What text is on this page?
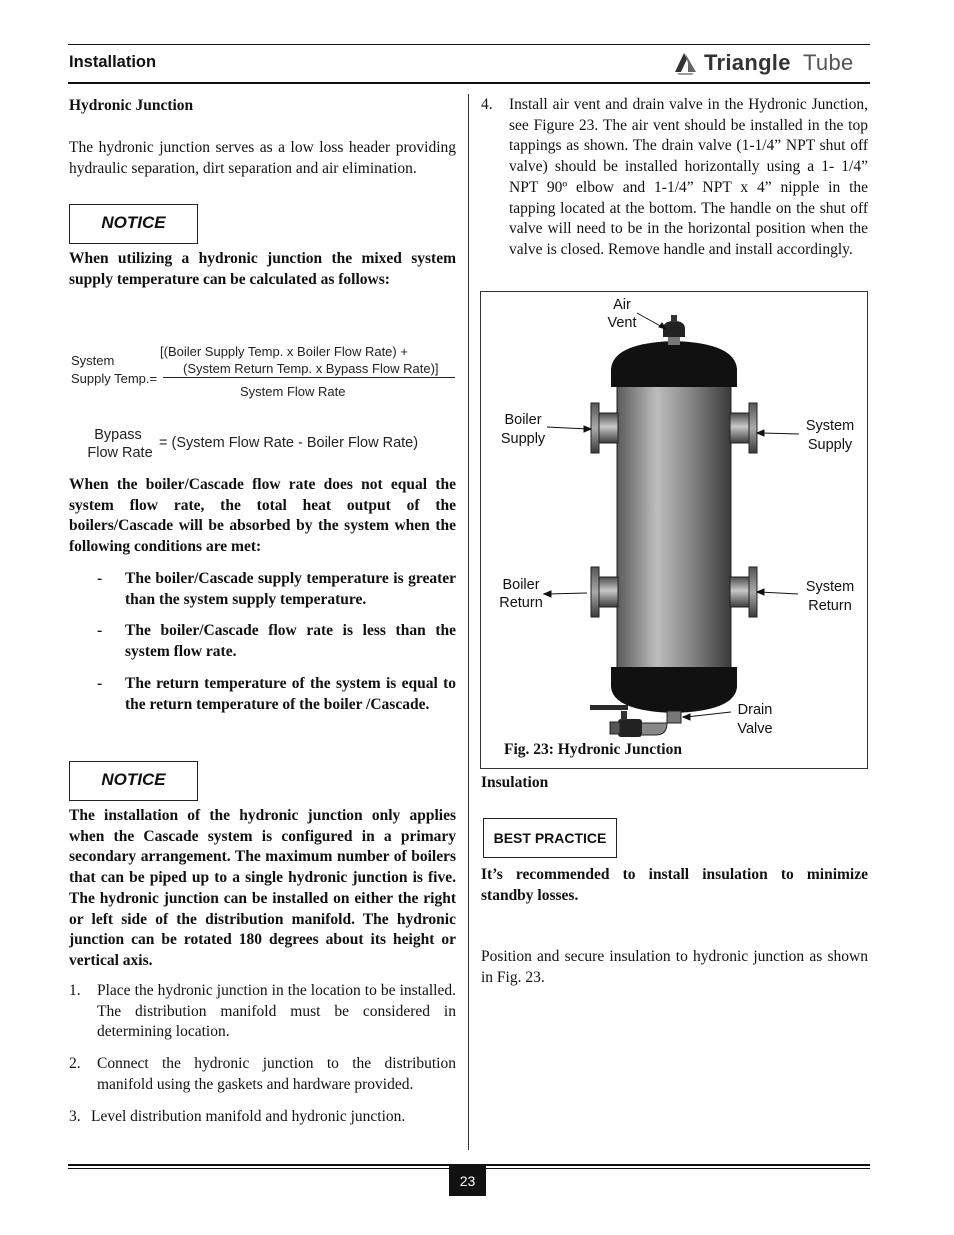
Installation	Triangle Tube
Hydronic Junction
The hydronic junction serves as a low loss header providing hydraulic separation, dirt separation and air elimination.
NOTICE
When utilizing a hydronic junction the mixed system supply temperature can be calculated as follows:
System
Supply Temp.=
[(Boiler Supply Temp. x Boiler Flow Rate) +
(System Return Temp. x Bypass Flow Rate)]
System Flow Rate
Bypass
Flow Rate
= (System Flow Rate - Boiler Flow Rate)
When the boiler/Cascade flow rate does not equal the system flow rate, the total heat output of the boilers/Cascade will be absorbed by the system when the following conditions are met:
- The boiler/Cascade supply temperature is greater than the system supply temperature.
- The boiler/Cascade flow rate is less than the system flow rate.
- The return temperature of the system is equal to the return temperature of the boiler /Cascade.
NOTICE
The installation of the hydronic junction only applies when the Cascade system is configured in a primary secondary arrangement. The maximum number of boilers that can be piped up to a single hydronic junction is five. The hydronic junction can be installed on either the right or left side of the distribution manifold. The hydronic junction can be rotated 180 degrees about its height or vertical axis.
1. Place the hydronic junction in the location to be installed. The distribution manifold must be considered in determining location.
2. Connect the hydronic junction to the distribution manifold using the gaskets and hardware provided.
3. Level distribution manifold and hydronic junction.
4. Install air vent and drain valve in the Hydronic Junction, see Figure 23. The air vent should be installed in the top tappings as shown. The drain valve (1-1/4” NPT shut off valve) should be installed horizontally using a 1- 1/4” NPT 90º elbow and 1-1/4” NPT x 4” nipple in the tapping located at the bottom. The handle on the shut off valve will need to be in the horizontal position when the valve is closed. Remove handle and install accordingly.
Air
Vent
Boiler
Supply
System
Supply
Boiler
Return
System
Return
Drain
Valve
Fig. 23: Hydronic Junction
Insulation
BEST PRACTICE
It’s recommended to install insulation to minimize standby losses.
Position and secure insulation to hydronic junction as shown in Fig. 23.
23
